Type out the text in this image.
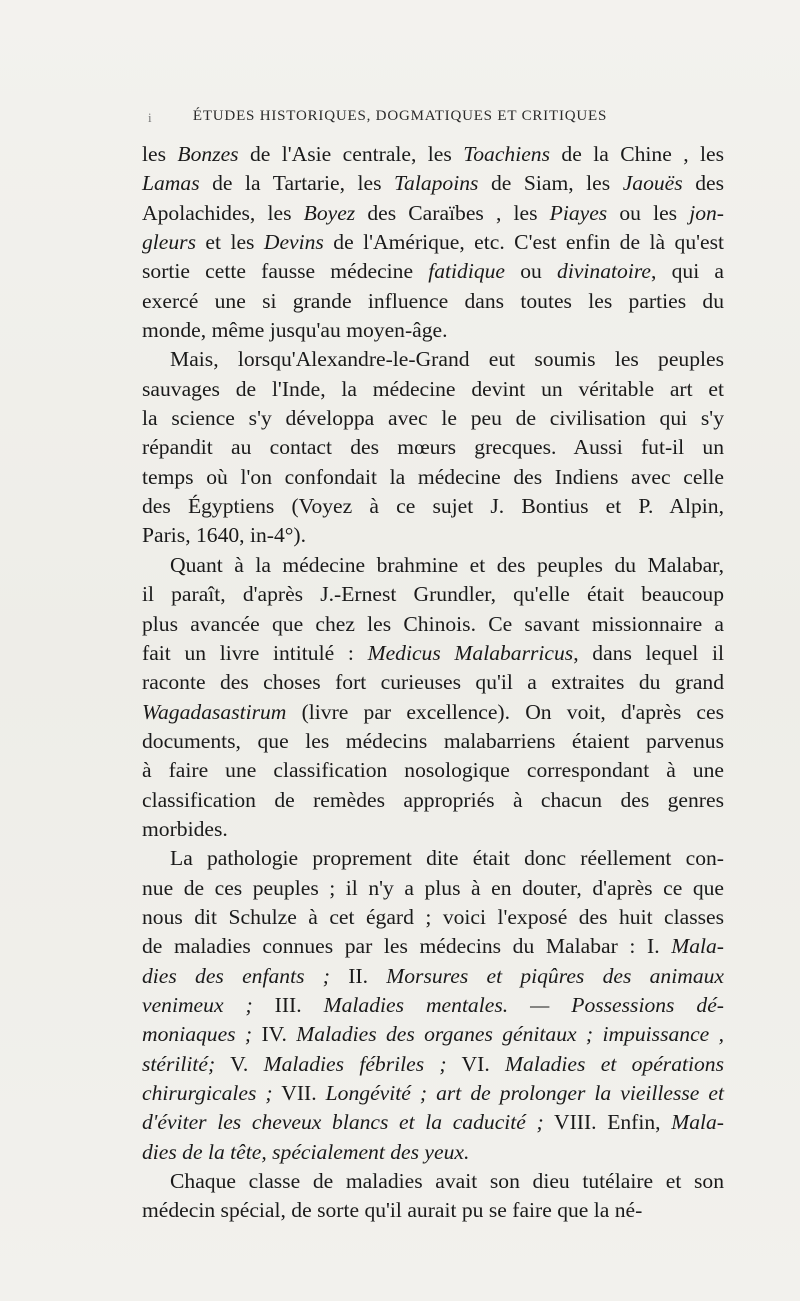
i	ÉTUDES HISTORIQUES, DOGMATIQUES ET CRITIQUES
les Bonzes de l'Asie centrale, les Toachiens de la Chine , les
Lamas de la Tartarie, les Talapoins de Siam, les Jaouës des
Apolachides, les Boyez des Caraïbes , les Piayes ou les jon-
gleurs et les Devins de l'Amérique, etc. C'est enfin de là qu'est
sortie cette fausse médecine fatidique ou divinatoire, qui a
exercé une si grande influence dans toutes les parties du
monde, même jusqu'au moyen-âge.
Mais, lorsqu'Alexandre-le-Grand eut soumis les peuples
sauvages de l'Inde, la médecine devint un véritable art et
la science s'y développa avec le peu de civilisation qui s'y
répandit au contact des mœurs grecques. Aussi fut-il un
temps où l'on confondait la médecine des Indiens avec celle
des Égyptiens (Voyez à ce sujet J. Bontius et P. Alpin,
Paris, 1640, in-4°).
Quant à la médecine brahmine et des peuples du Malabar,
il paraît, d'après J.-Ernest Grundler, qu'elle était beaucoup
plus avancée que chez les Chinois. Ce savant missionnaire a
fait un livre intitulé : Medicus Malabarricus, dans lequel il
raconte des choses fort curieuses qu'il a extraites du grand
Wagadasastirum (livre par excellence). On voit, d'après ces
documents, que les médecins malabarriens étaient parvenus
à faire une classification nosologique correspondant à une
classification de remèdes appropriés à chacun des genres
morbides.
La pathologie proprement dite était donc réellement con-
nue de ces peuples ; il n'y a plus à en douter, d'après ce que
nous dit Schulze à cet égard ; voici l'exposé des huit classes
de maladies connues par les médecins du Malabar : I. Mala-
dies des enfants ; II. Morsures et piqûres des animaux
venimeux ; III. Maladies mentales. — Possessions dé-
moniaques ; IV. Maladies des organes génitaux ; impuissance ,
stérilité; V. Maladies fébriles ; VI. Maladies et opérations
chirurgicales ; VII. Longévité ; art de prolonger la vieillesse et
d'éviter les cheveux blancs et la caducité ; VIII. Enfin, Mala-
dies de la tête, spécialement des yeux.
Chaque classe de maladies avait son dieu tutélaire et son
médecin spécial, de sorte qu'il aurait pu se faire que la né-
